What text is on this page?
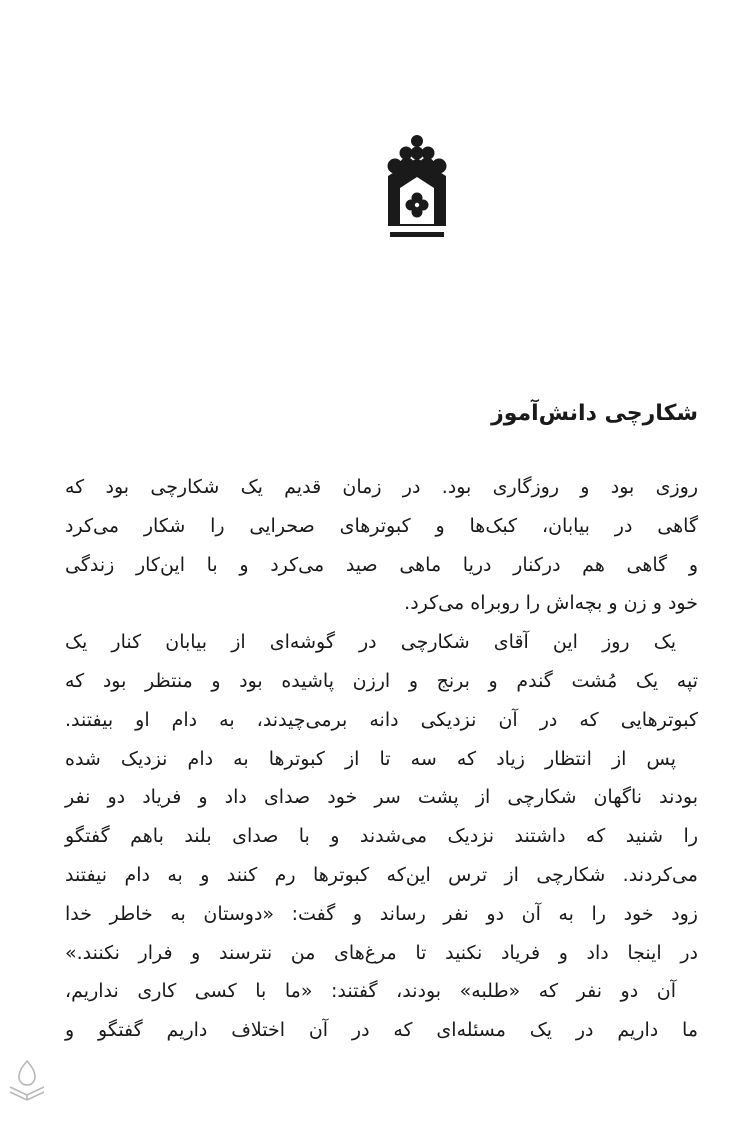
شکارچی دانش‌آموز
روزی بود و روزگاری بود. در زمان قدیم یک شکارچی بود که
گاهی در بیابان، کبک‌ها و کبوترهای صحرایی را شکار می‌کرد
و گاهی هم درکنار دریا ماهی صید می‌کرد و با این‌کار زندگی
خود و زن و بچه‌اش را روبراه می‌کرد.
یک روز این آقای شکارچی در گوشه‌ای از بیابان کنار یک
تپه یک مُشت گندم و برنج و ارزن پاشیده بود و منتظر بود که
کبوترهایی که در آن نزدیکی دانه برمی‌چیدند، به دام او بیفتند.
پس از انتظار زیاد که سه تا از کبوترها به دام نزدیک شده
بودند ناگهان شکارچی از پشت سر خود صدای داد و فریاد دو نفر
را شنید که داشتند نزدیک می‌شدند و با صدای بلند باهم گفتگو
می‌کردند. شکارچی از ترس این‌که کبوترها رم کنند و به دام نیفتند
زود خود را به آن دو نفر رساند و گفت: «دوستان به خاطر خدا
در اینجا داد و فریاد نکنید تا مرغ‌های من نترسند و فرار نکنند.»
آن دو نفر که «طلبه» بودند، گفتند: «ما با کسی کاری نداریم،
ما داریم در یک مسئله‌ای که در آن اختلاف داریم گفتگو و
